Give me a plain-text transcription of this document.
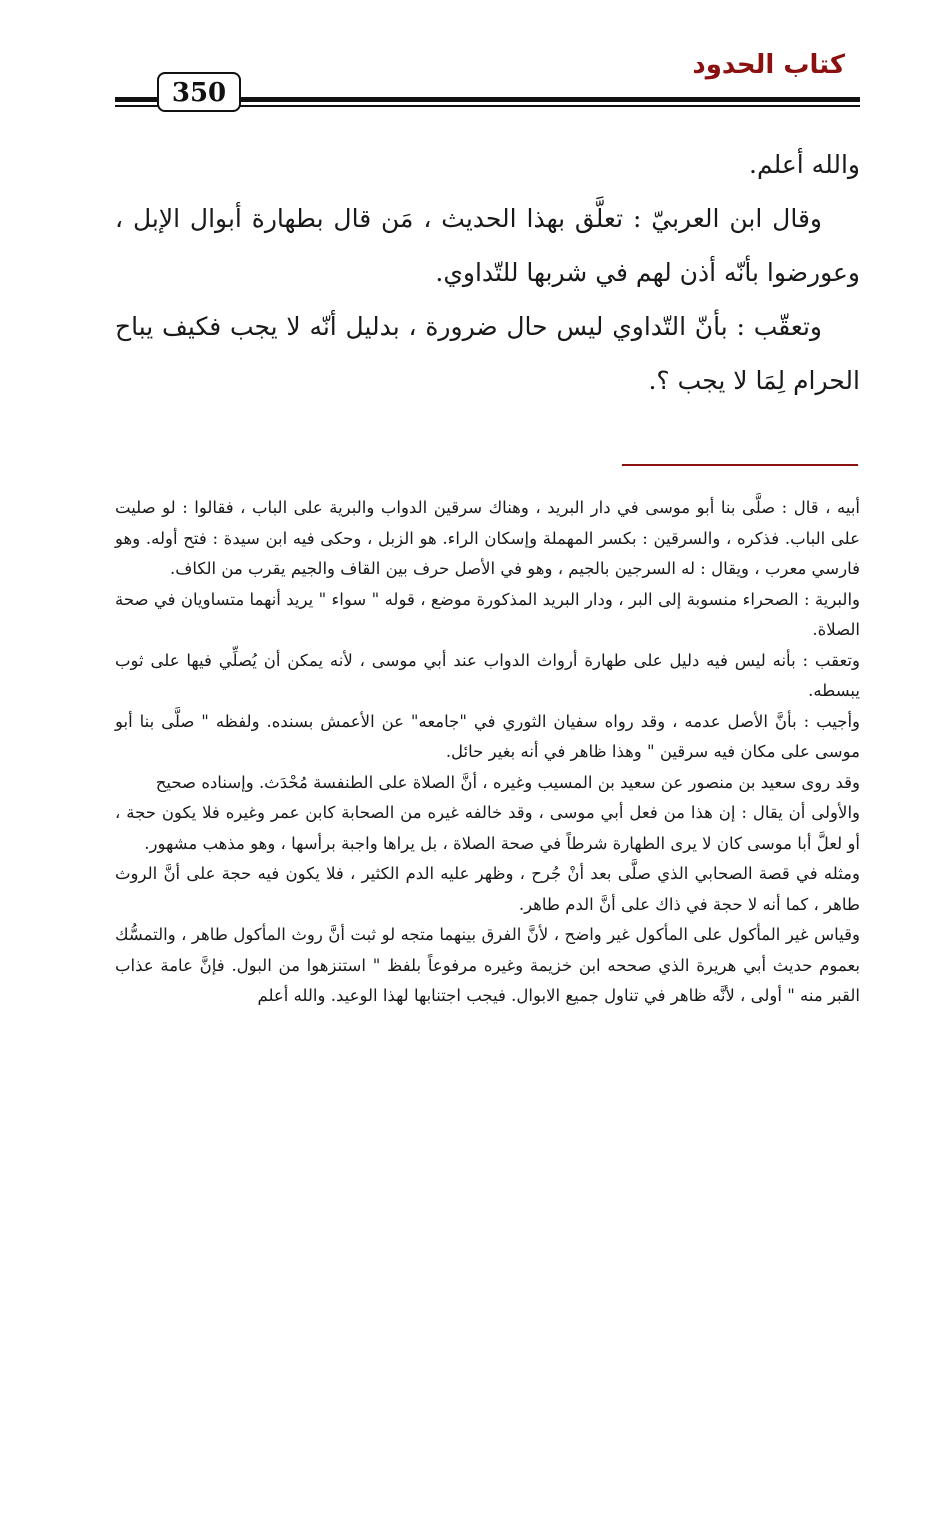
كتاب الحدود
350

والله أعلم.

وقال ابن العربيّ : تعلَّق بهذا الحديث ، مَن قال بطهارة أبوال الإبل ، وعورضوا بأنّه أذن لهم في شربها للتّداوي.

وتعقّب : بأنّ التّداوي ليس حال ضرورة ، بدليل أنّه لا يجب فكيف يباح الحرام لِمَا لا يجب ؟.

أبيه ، قال : صلَّى بنا أبو موسى في دار البريد ، وهناك سرقين الدواب والبرية على الباب ، فقالوا : لو صليت على الباب. فذكره ، والسرقين : بكسر المهملة وإسكان الراء. هو الزبل ، وحكى فيه ابن سيدة : فتح أوله. وهو فارسي معرب ، ويقال : له السرجين بالجيم ، وهو في الأصل حرف بين القاف والجيم يقرب من الكاف.

والبرية : الصحراء منسوبة إلى البر ، ودار البريد المذكورة موضع ، قوله " سواء " يريد أنهما متساويان في صحة الصلاة.

وتعقب : بأنه ليس فيه دليل على طهارة أرواث الدواب عند أبي موسى ، لأنه يمكن أن يُصلِّي فيها على ثوب يبسطه.

وأجيب : بأنَّ الأصل عدمه ، وقد رواه سفيان الثوري في "جامعه" عن الأعمش بسنده. ولفظه " صلَّى بنا أبو موسى على مكان فيه سرقين " وهذا ظاهر في أنه بغير حائل.

وقد روى سعيد بن منصور عن سعيد بن المسيب وغيره ، أنَّ الصلاة على الطنفسة مُحْدَث. وإسناده صحيح

والأولى أن يقال : إن هذا من فعل أبي موسى ، وقد خالفه غيره من الصحابة كابن عمر وغيره فلا يكون حجة ، أو لعلَّ أبا موسى كان لا يرى الطهارة شرطاً في صحة الصلاة ، بل يراها واجبة برأسها ، وهو مذهب مشهور.

ومثله في قصة الصحابي الذي صلَّى بعد أنْ جُرح ، وظهر عليه الدم الكثير ، فلا يكون فيه حجة على أنَّ الروث طاهر ، كما أنه لا حجة في ذاك على أنَّ الدم طاهر.

وقياس غير المأكول على المأكول غير واضح ، لأنَّ الفرق بينهما متجه لو ثبت أنَّ روث المأكول طاهر ، والتمسُّك بعموم حديث أبي هريرة الذي صححه ابن خزيمة وغيره مرفوعاً بلفظ " استنزهوا من البول. فإنَّ عامة عذاب القبر منه " أولى ، لأنَّه ظاهر في تناول جميع الابوال. فيجب اجتنابها لهذا الوعيد. والله أعلم
